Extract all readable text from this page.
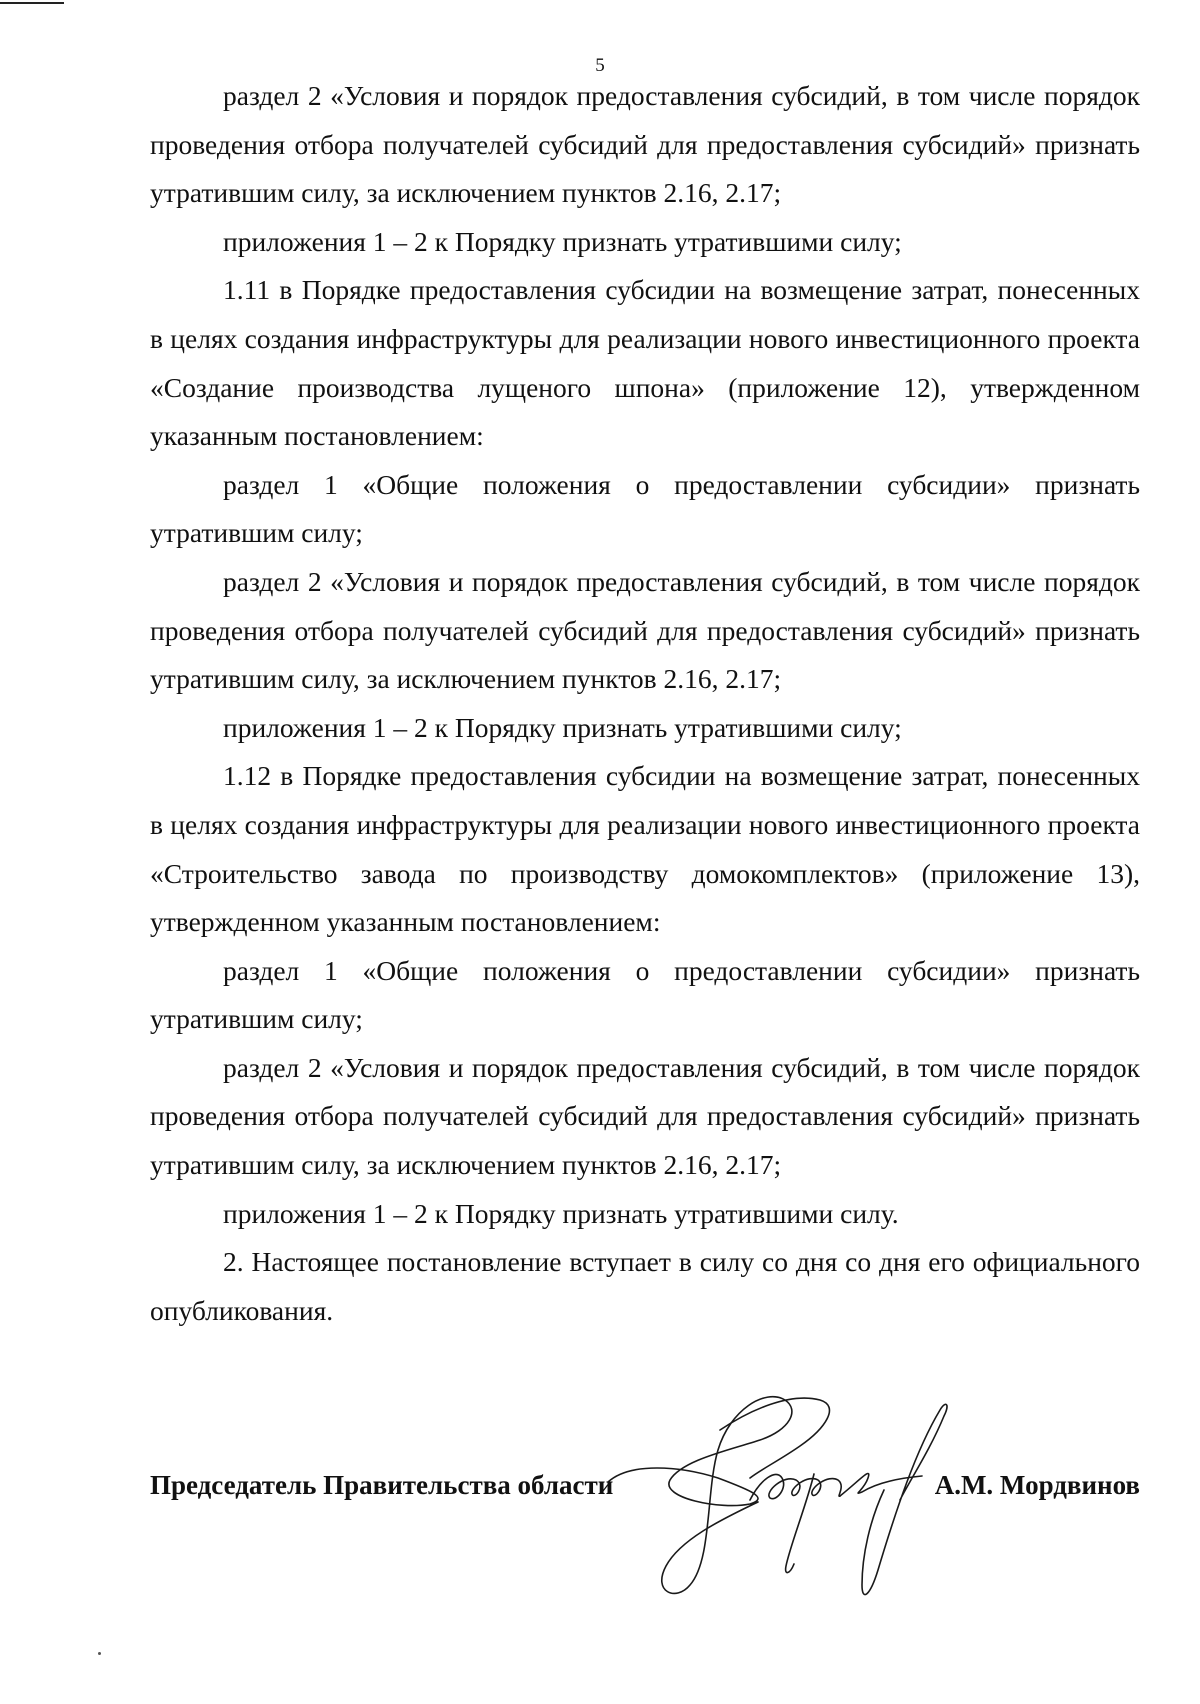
5

раздел 2 «Условия и порядок предоставления субсидий, в том числе порядок проведения отбора получателей субсидий для предоставления субсидий» признать утратившим силу, за исключением пунктов 2.16, 2.17;

приложения 1 – 2 к Порядку признать утратившими силу;

1.11 в Порядке предоставления субсидии на возмещение затрат, понесенных в целях создания инфраструктуры для реализации нового инвестиционного проекта «Создание производства лущеного шпона» (приложение 12), утвержденном указанным постановлением:

раздел 1 «Общие положения о предоставлении субсидии» признать утратившим силу;

раздел 2 «Условия и порядок предоставления субсидий, в том числе порядок проведения отбора получателей субсидий для предоставления субсидий» признать утратившим силу, за исключением пунктов 2.16, 2.17;

приложения 1 – 2 к Порядку признать утратившими силу;

1.12 в Порядке предоставления субсидии на возмещение затрат, понесенных в целях создания инфраструктуры для реализации нового инвестиционного проекта «Строительство завода по производству домокомплектов» (приложение 13), утвержденном указанным постановлением:

раздел 1 «Общие положения о предоставлении субсидии» признать утратившим силу;

раздел 2 «Условия и порядок предоставления субсидий, в том числе порядок проведения отбора получателей субсидий для предоставления субсидий» признать утратившим силу, за исключением пунктов 2.16, 2.17;

приложения 1 – 2 к Порядку признать утратившими силу.

2. Настоящее постановление вступает в силу со дня со дня его официального опубликования.

Председатель Правительства области	А.М. Мордвинов
